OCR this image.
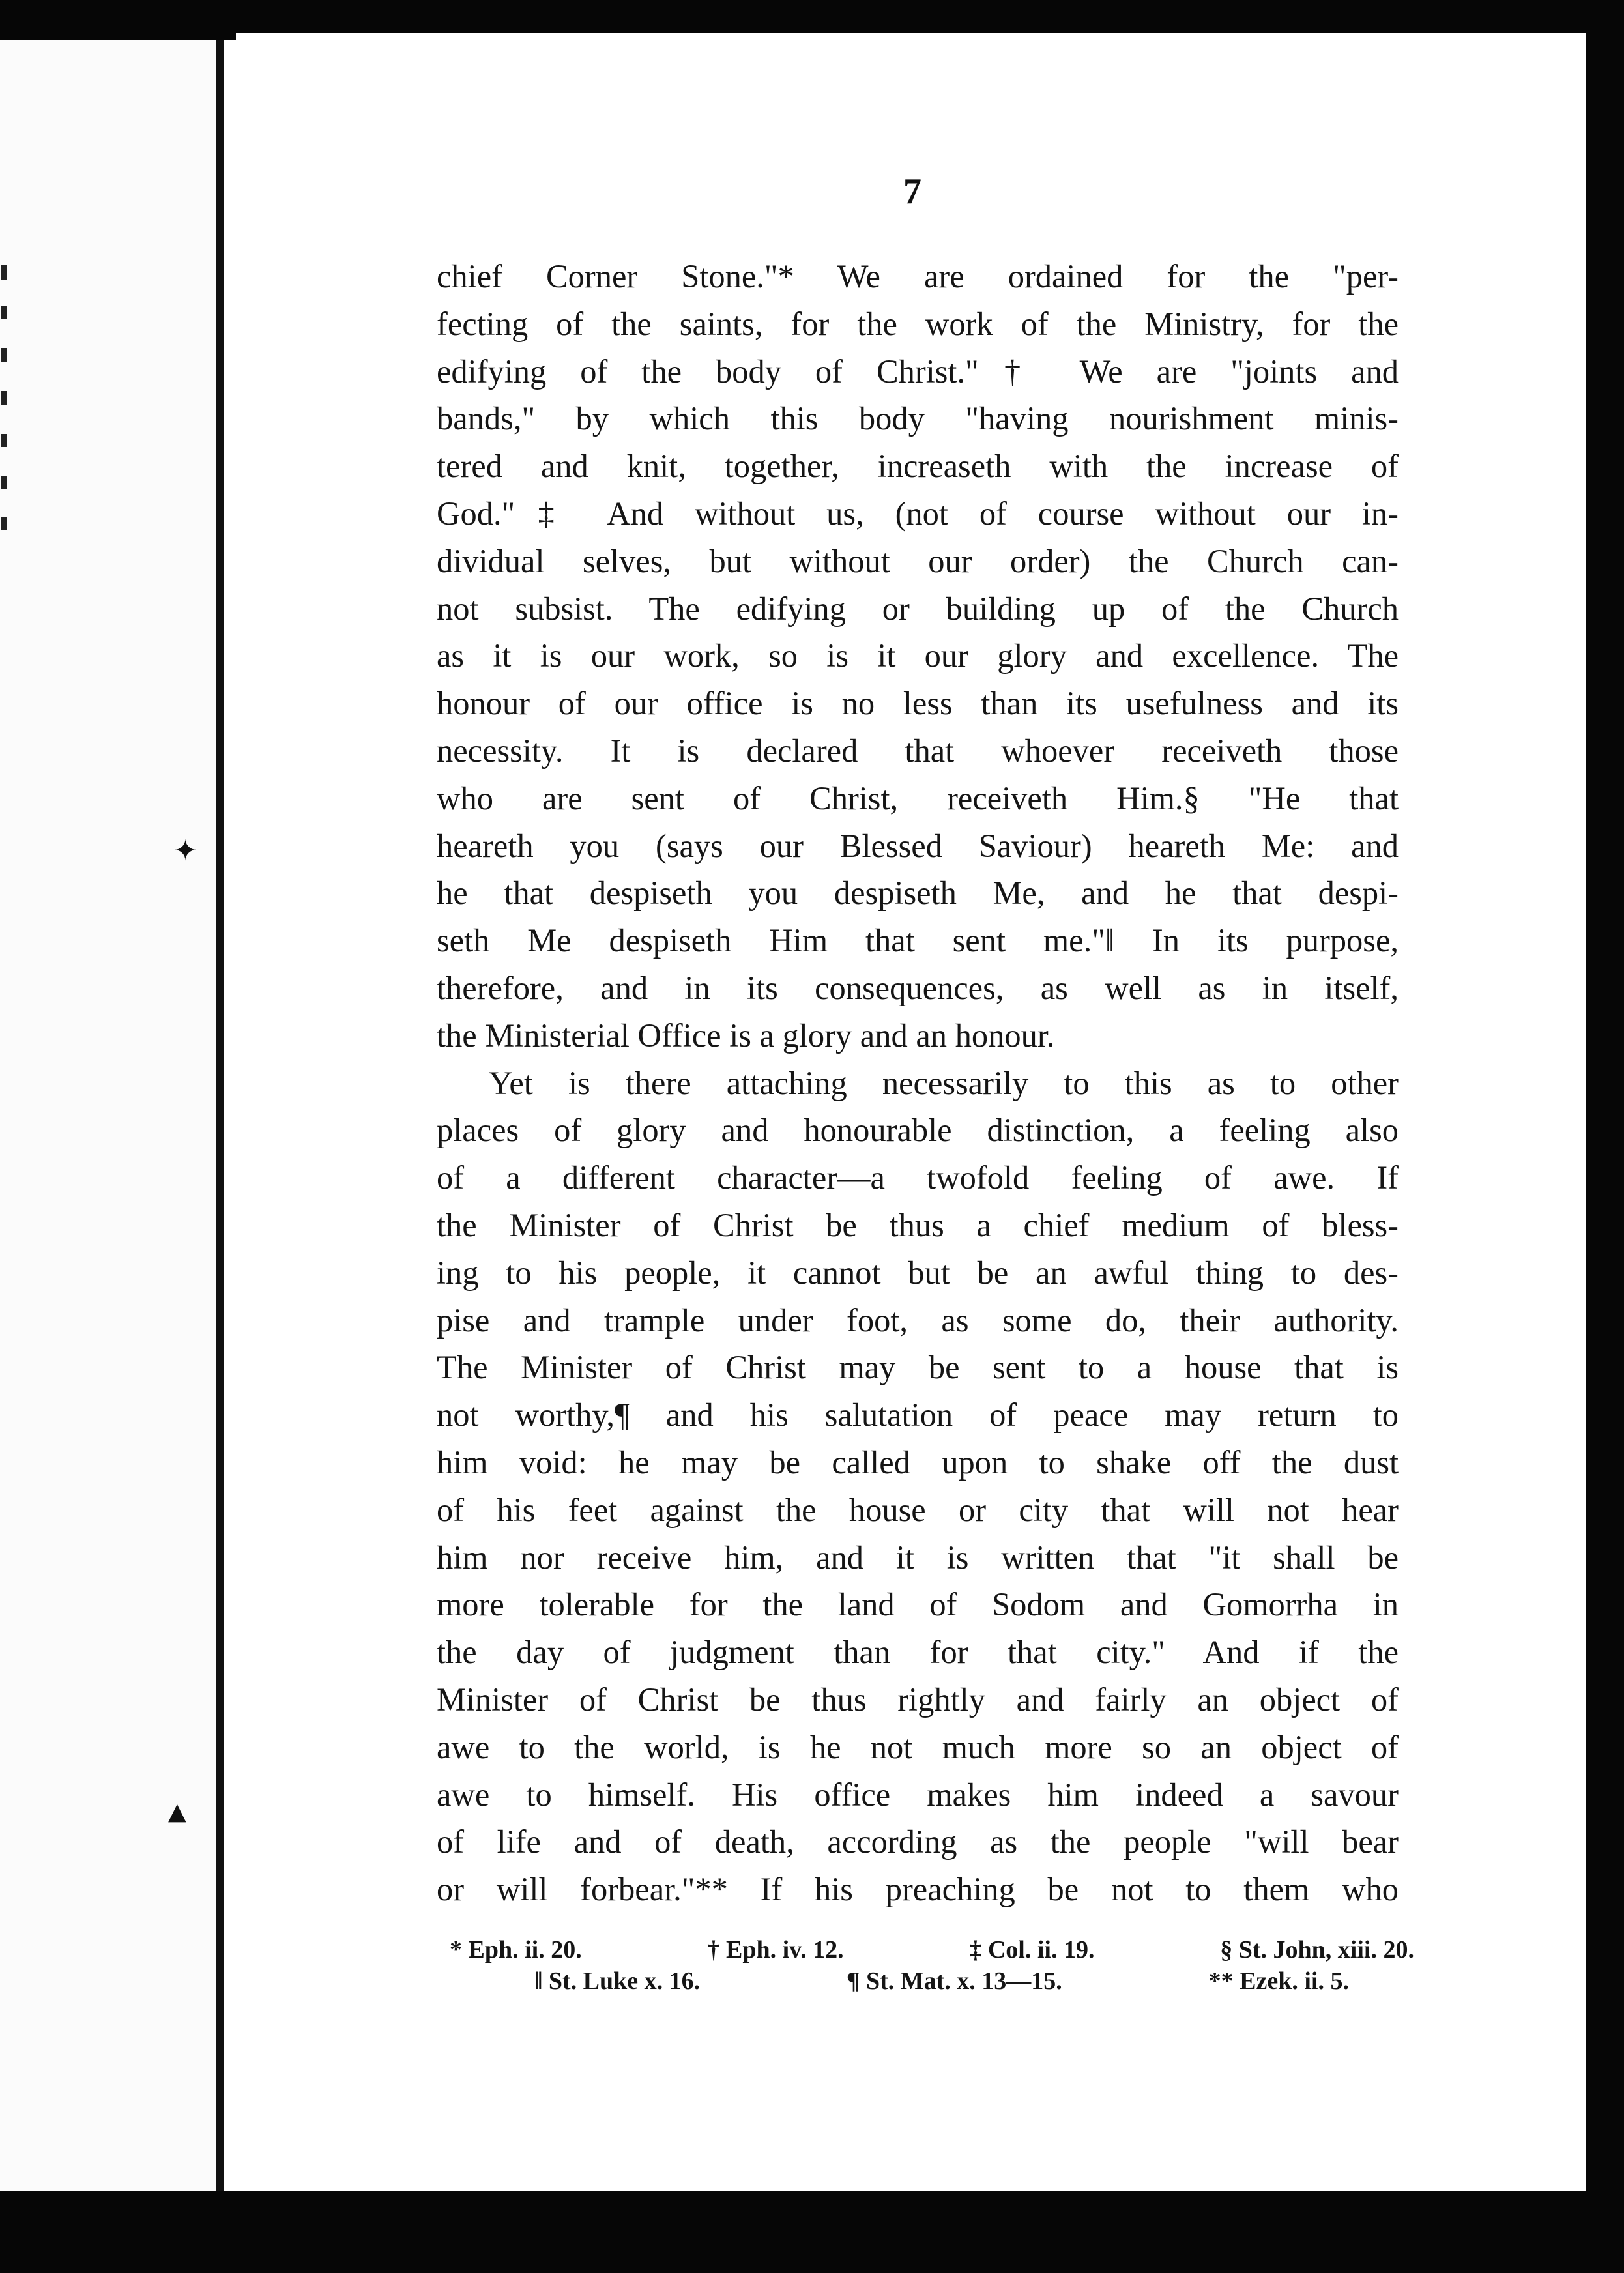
✦
▲
7
chief Corner Stone."* We are ordained for the "per-
fecting of the saints, for the work of the Ministry, for the
edifying of the body of Christ."† We are "joints and
bands," by which this body "having nourishment minis-
tered and knit, together, increaseth with the increase of
God."‡ And without us, (not of course without our in-
dividual selves, but without our order) the Church can-
not subsist. The edifying or building up of the Church
as it is our work, so is it our glory and excellence. The
honour of our office is no less than its usefulness and its
necessity. It is declared that whoever receiveth those
who are sent of Christ, receiveth Him.§ "He that
heareth you (says our Blessed Saviour) heareth Me: and
he that despiseth you despiseth Me, and he that despi-
seth Me despiseth Him that sent me."‖ In its purpose,
therefore, and in its consequences, as well as in itself,
the Ministerial Office is a glory and an honour.
Yet is there attaching necessarily to this as to other
places of glory and honourable distinction, a feeling also
of a different character—a twofold feeling of awe. If
the Minister of Christ be thus a chief medium of bless-
ing to his people, it cannot but be an awful thing to des-
pise and trample under foot, as some do, their authority.
The Minister of Christ may be sent to a house that is
not worthy,¶ and his salutation of peace may return to
him void: he may be called upon to shake off the dust
of his feet against the house or city that will not hear
him nor receive him, and it is written that "it shall be
more tolerable for the land of Sodom and Gomorrha in
the day of judgment than for that city." And if the
Minister of Christ be thus rightly and fairly an object of
awe to the world, is he not much more so an object of
awe to himself. His office makes him indeed a savour
of life and of death, according as the people "will bear
or will forbear."** If his preaching be not to them who
* Eph. ii. 20.	† Eph. iv. 12.	‡ Col. ii. 19.	§ St. John, xiii. 20.
‖ St. Luke x. 16.	¶ St. Mat. x. 13—15.	** Ezek. ii. 5.
